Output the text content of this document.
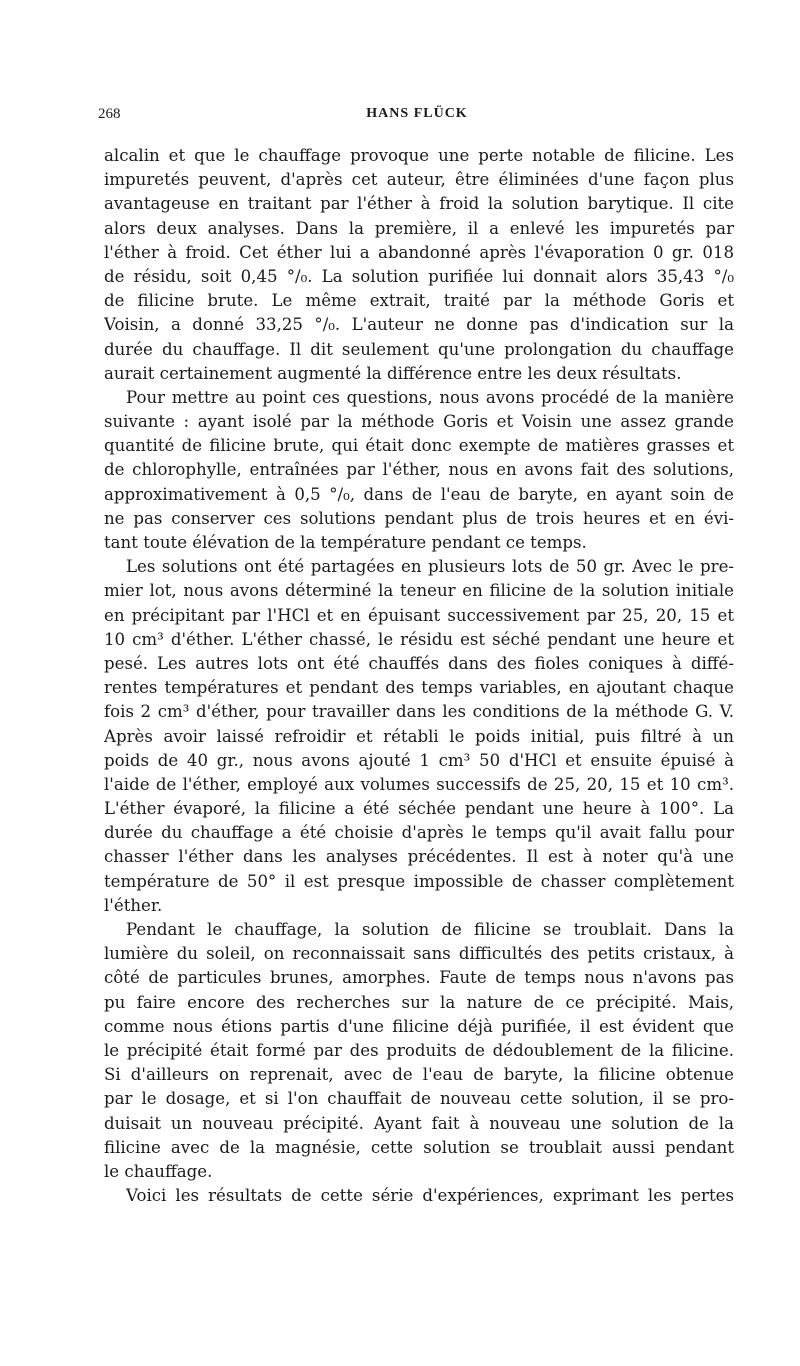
268	HANS FLÜCK
alcalin et que le chauffage provoque une perte notable de filicine. Les
impuretés peuvent, d'après cet auteur, être éliminées d'une façon plus
avantageuse en traitant par l'éther à froid la solution barytique. Il cite
alors deux analyses. Dans la première, il a enlevé les impuretés par
l'éther à froid. Cet éther lui a abandonné après l'évaporation 0 gr. 018
de résidu, soit 0,45 °/₀. La solution purifiée lui donnait alors 35,43 °/₀
de filicine brute. Le même extrait, traité par la méthode Goris et
Voisin, a donné 33,25 °/₀. L'auteur ne donne pas d'indication sur la
durée du chauffage. Il dit seulement qu'une prolongation du chauffage
aurait certainement augmenté la différence entre les deux résultats.
Pour mettre au point ces questions, nous avons procédé de la manière
suivante : ayant isolé par la méthode Goris et Voisin une assez grande
quantité de filicine brute, qui était donc exempte de matières grasses et
de chlorophylle, entraînées par l'éther, nous en avons fait des solutions,
approximativement à 0,5 °/₀, dans de l'eau de baryte, en ayant soin de
ne pas conserver ces solutions pendant plus de trois heures et en évi-
tant toute élévation de la température pendant ce temps.
Les solutions ont été partagées en plusieurs lots de 50 gr. Avec le pre-
mier lot, nous avons déterminé la teneur en filicine de la solution initiale
en précipitant par l'HCl et en épuisant successivement par 25, 20, 15 et
10 cm³ d'éther. L'éther chassé, le résidu est séché pendant une heure et
pesé. Les autres lots ont été chauffés dans des fioles coniques à diffé-
rentes températures et pendant des temps variables, en ajoutant chaque
fois 2 cm³ d'éther, pour travailler dans les conditions de la méthode G. V.
Après avoir laissé refroidir et rétabli le poids initial, puis filtré à un
poids de 40 gr., nous avons ajouté 1 cm³ 50 d'HCl et ensuite épuisé à
l'aide de l'éther, employé aux volumes successifs de 25, 20, 15 et 10 cm³.
L'éther évaporé, la filicine a été séchée pendant une heure à 100°. La
durée du chauffage a été choisie d'après le temps qu'il avait fallu pour
chasser l'éther dans les analyses précédentes. Il est à noter qu'à une
température de 50° il est presque impossible de chasser complètement
l'éther.
Pendant le chauffage, la solution de filicine se troublait. Dans la
lumière du soleil, on reconnaissait sans difficultés des petits cristaux, à
côté de particules brunes, amorphes. Faute de temps nous n'avons pas
pu faire encore des recherches sur la nature de ce précipité. Mais,
comme nous étions partis d'une filicine déjà purifiée, il est évident que
le précipité était formé par des produits de dédoublement de la filicine.
Si d'ailleurs on reprenait, avec de l'eau de baryte, la filicine obtenue
par le dosage, et si l'on chauffait de nouveau cette solution, il se pro-
duisait un nouveau précipité. Ayant fait à nouveau une solution de la
filicine avec de la magnésie, cette solution se troublait aussi pendant
le chauffage.
Voici les résultats de cette série d'expériences, exprimant les pertes
